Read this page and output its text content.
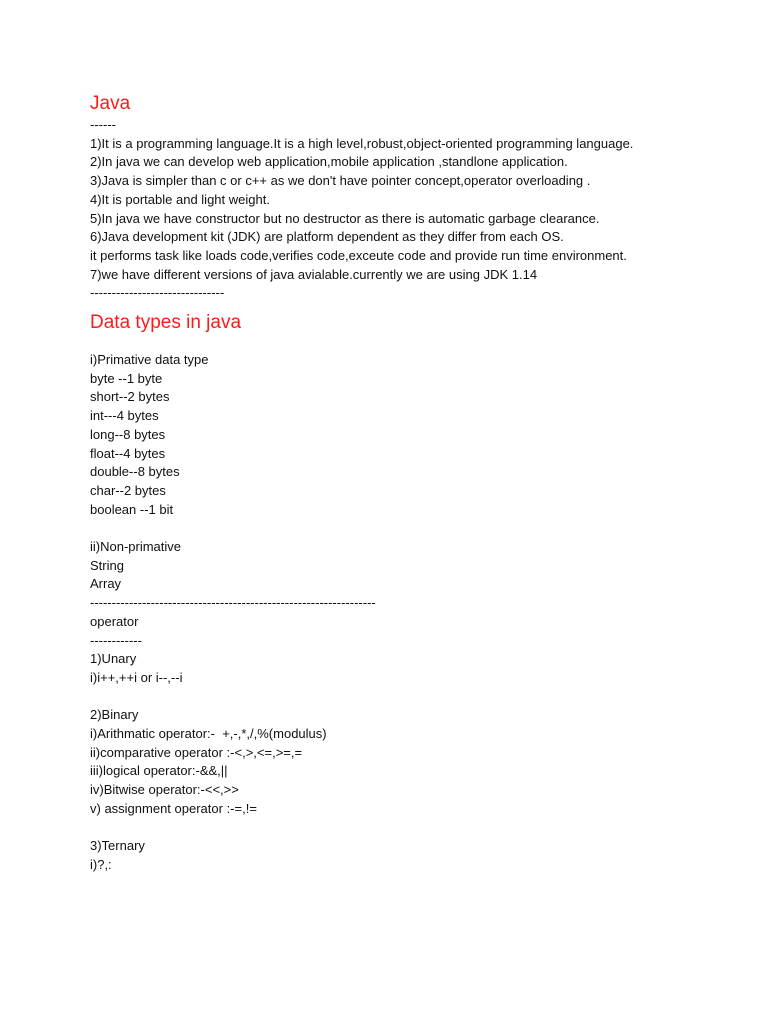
Java

------

1)It is a programming language.It is a high level,robust,object-oriented programming language.

2)In java we can develop web application,mobile application ,standlone application.

3)Java is simpler than c or c++ as we don't have pointer concept,operator overloading .

4)It is portable and light weight.

5)In java we have constructor but no destructor as there is automatic garbage clearance.

6)Java development kit (JDK) are platform dependent as they differ from each OS.

it performs task like loads code,verifies code,exceute code and provide run time environment.

7)we have different versions of java avialable.currently we are using JDK 1.14

-------------------------------

Data types in java

i)Primative data type

byte --1 byte

short--2 bytes

int---4 bytes

long--8 bytes

float--4 bytes

double--8 bytes

char--2 bytes

boolean --1 bit

ii)Non-primative

String

Array

------------------------------------------------------------------

operator

------------

1)Unary

i)i++,++i or i--,--i

2)Binary

i)Arithmatic operator:-  +,-,*,/,%(modulus)

ii)comparative operator :-<,>,<=,>=,=

iii)logical operator:-&&,||

iv)Bitwise operator:-<<,>>

v) assignment operator :-=,!=

3)Ternary

i)?,:
